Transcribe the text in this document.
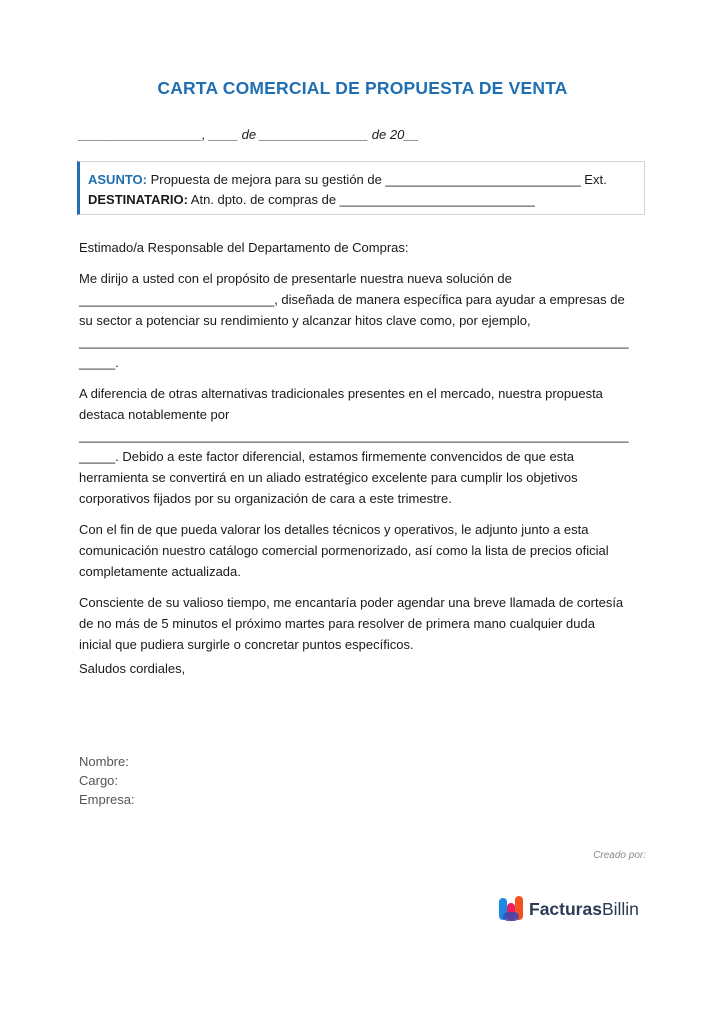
CARTA COMERCIAL DE PROPUESTA DE VENTA
_________________, ____ de _______________ de 20__
ASUNTO: Propuesta de mejora para su gestión de ___________________________ Ext.
DESTINATARIO: Atn. dpto. de compras de ___________________________

Estimado/a Responsable del Departamento de Compras:

Me dirijo a usted con el propósito de presentarle nuestra nueva solución de
___________________________, diseñada de manera específica para ayudar a empresas de
su sector a potenciar su rendimiento y alcanzar hitos clave como, por ejemplo,
____________________________________________________________________________
_____.

A diferencia de otras alternativas tradicionales presentes en el mercado, nuestra propuesta
destaca notablemente por
____________________________________________________________________________
_____. Debido a este factor diferencial, estamos firmemente convencidos de que esta
herramienta se convertirá en un aliado estratégico excelente para cumplir los objetivos
corporativos fijados por su organización de cara a este trimestre.

Con el fin de que pueda valorar los detalles técnicos y operativos, le adjunto junto a esta
comunicación nuestro catálogo comercial pormenorizado, así como la lista de precios oficial
completamente actualizada.

Consciente de su valioso tiempo, me encantaría poder agendar una breve llamada de cortesía
de no más de 5 minutos el próximo martes para resolver de primera mano cualquier duda
inicial que pudiera surgirle o concretar puntos específicos.

Saludos cordiales,
Nombre:
Cargo:
Empresa:
Creado por:
FacturasBillin
